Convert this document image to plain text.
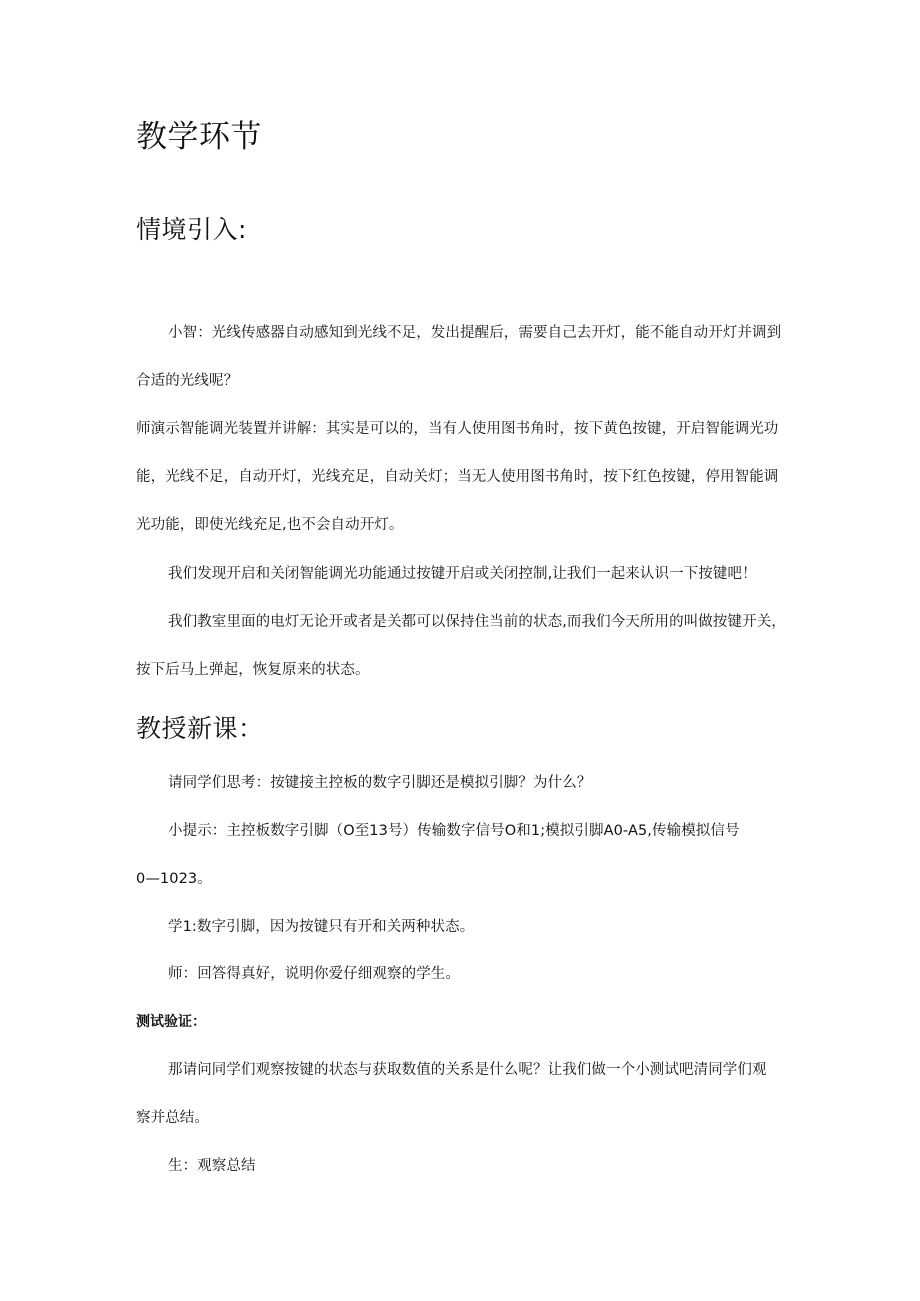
教学环节
情境引入:

小智：光线传感器自动感知到光线不足，发出提醒后，需要自己去开灯，能不能自动开灯并调到

合适的光线呢？

师演示智能调光装置并讲解：其实是可以的，当有人使用图书角时，按下黄色按键，开启智能调光功

能，光线不足，自动开灯，光线充足，自动关灯；当无人使用图书角时，按下红色按键，停用智能调

光功能，即使光线充足,也不会自动开灯。

我们发现开启和关闭智能调光功能通过按键开启或关闭控制,让我们一起来认识一下按键吧！

我们教室里面的电灯无论开或者是关都可以保持住当前的状态,而我们今天所用的叫做按键开关，

按下后马上弹起，恢复原来的状态。

教授新课：

请同学们思考：按键接主控板的数字引脚还是模拟引脚？为什么？

小提示：主控板数字引脚（O至13号）传输数字信号O和1;模拟引脚A0-A5,传输模拟信号

0—1023。

学1:数字引脚，因为按键只有开和关两种状态。

师：回答得真好，说明你爱仔细观察的学生。

测试验证：

那请问同学们观察按键的状态与获取数值的关系是什么呢？让我们做一个小测试吧清同学们观

察并总结。

生：观察总结
